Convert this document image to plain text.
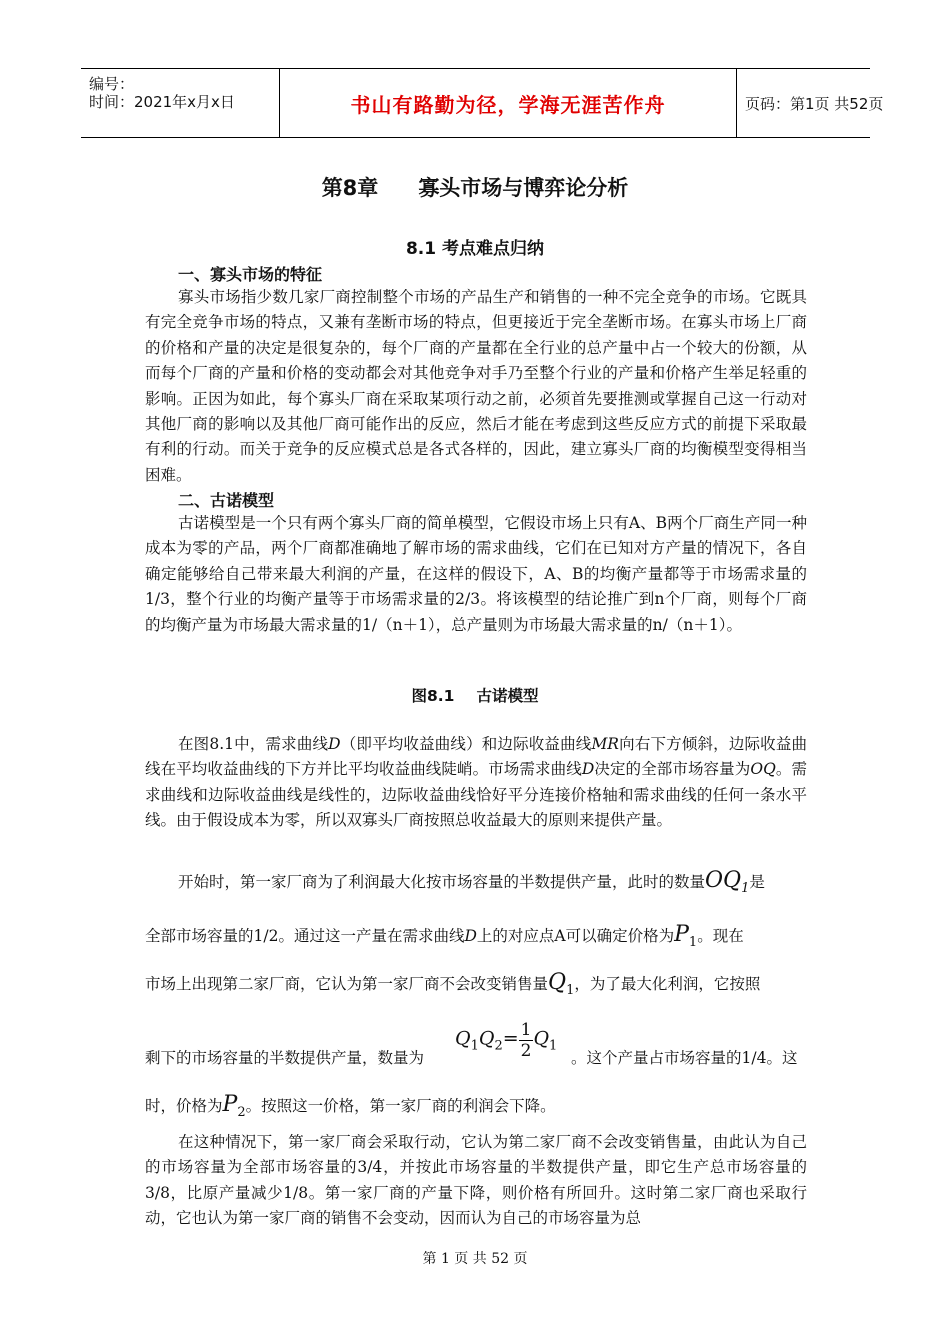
编号：
时间：2021年x月x日	书山有路勤为径，学海无涯苦作舟	页码：第1页 共52页
第8章 寡头市场与博弈论分析
8.1 考点难点归纳
一、寡头市场的特征
寡头市场指少数几家厂商控制整个市场的产品生产和销售的一种不完全竞争的市场。它既具有完全竞争市场的特点，又兼有垄断市场的特点，但更接近于完全垄断市场。在寡头市场上厂商的价格和产量的决定是很复杂的，每个厂商的产量都在全行业的总产量中占一个较大的份额，从而每个厂商的产量和价格的变动都会对其他竞争对手乃至整个行业的产量和价格产生举足轻重的影响。正因为如此，每个寡头厂商在采取某项行动之前，必须首先要推测或掌握自己这一行动对其他厂商的影响以及其他厂商可能作出的反应，然后才能在考虑到这些反应方式的前提下采取最有利的行动。而关于竞争的反应模式总是各式各样的，因此，建立寡头厂商的均衡模型变得相当困难。
二、古诺模型
古诺模型是一个只有两个寡头厂商的简单模型，它假设市场上只有A、B两个厂商生产同一种成本为零的产品，两个厂商都准确地了解市场的需求曲线，它们在已知对方产量的情况下，各自确定能够给自己带来最大利润的产量，在这样的假设下，A、B的均衡产量都等于市场需求量的1/3，整个行业的均衡产量等于市场需求量的2/3。将该模型的结论推广到n个厂商，则每个厂商的均衡产量为市场最大需求量的1/（n＋1），总产量则为市场最大需求量的n/（n＋1）。
图8.1 古诺模型
在图8.1中，需求曲线D（即平均收益曲线）和边际收益曲线MR向右下方倾斜，边际收益曲线在平均收益曲线的下方并比平均收益曲线陡峭。市场需求曲线D决定的全部市场容量为OQ。需求曲线和边际收益曲线是线性的，边际收益曲线恰好平分连接价格轴和需求曲线的任何一条水平线。由于假设成本为零，所以双寡头厂商按照总收益最大的原则来提供产量。
开始时，第一家厂商为了利润最大化按市场容量的半数提供产量，此时的数量$OQ_1$是
全部市场容量的1/2。通过这一产量在需求曲线D上的对应点A可以确定价格为$P_1$。现在
市场上出现第二家厂商，它认为第一家厂商不会改变销售量$Q_1$，为了最大化利润，它按照
剩下的市场容量的半数提供产量，数量为
$Q_1Q_2= \frac{1}{2} Q_1$
。这个产量占市场容量的1/4。这
时，价格为$P_2$。按照这一价格，第一家厂商的利润会下降。
在这种情况下，第一家厂商会采取行动，它认为第二家厂商不会改变销售量，由此认为自己的市场容量为全部市场容量的3/4，并按此市场容量的半数提供产量，即它生产总市场容量的3/8，比原产量减少1/8。第一家厂商的产量下降，则价格有所回升。这时第二家厂商也采取行动，它也认为第一家厂商的销售不会变动，因而认为自己的市场容量为总
第 1 页 共 52 页
